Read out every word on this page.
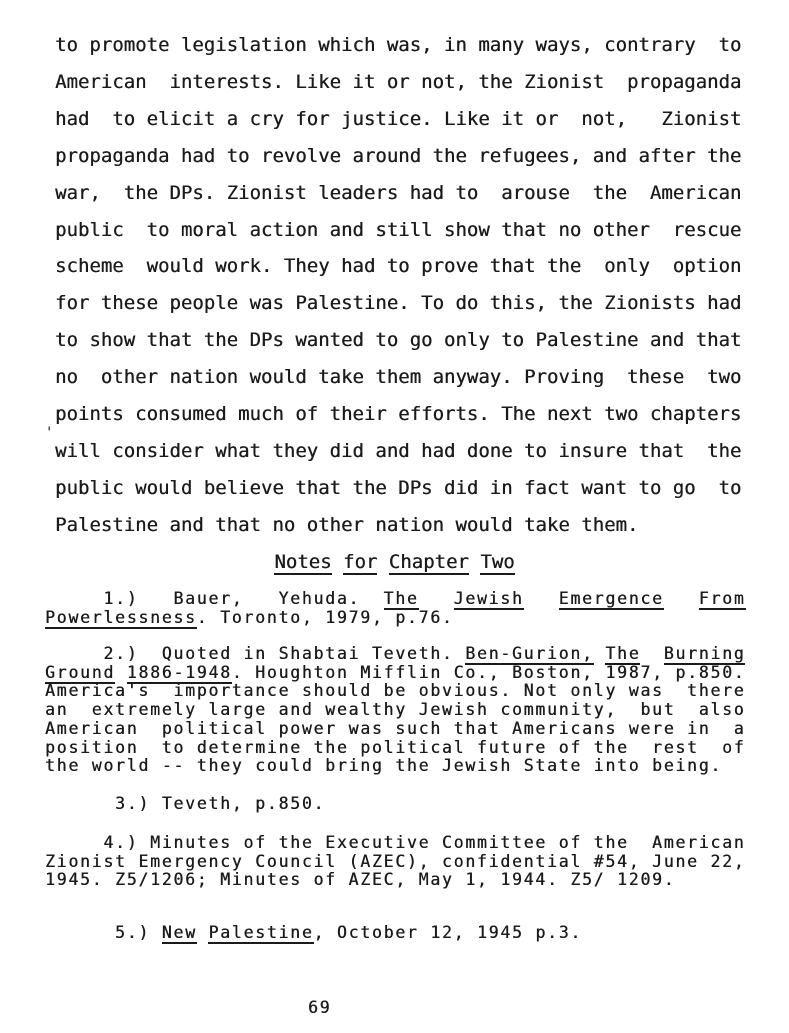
to promote legislation which was, in many ways, contrary  to
American  interests. Like it or not, the Zionist  propaganda
had  to elicit a cry for justice. Like it or  not,   Zionist
propaganda had to revolve around the refugees, and after the
war,  the DPs. Zionist leaders had to  arouse  the  American
public  to moral action and still show that no other  rescue
scheme  would work. They had to prove that the  only  option
for these people was Palestine. To do this, the Zionists had
to show that the DPs wanted to go only to Palestine and that
no  other nation would take them anyway. Proving  these  two
points consumed much of their efforts. The next two chapters
will consider what they did and had done to insure that  the
public would believe that the DPs did in fact want to go  to
Palestine and that no other nation would take them.
'
Notes for Chapter Two
1.)   Bauer,   Yehuda.  The Jewish Emergence From
Powerlessness. Toronto, 1979, p.76.
2.)  Quoted in Shabtai Teveth. Ben-Gurion, The Burning
Ground 1886-1948. Houghton Mifflin Co., Boston, 1987, p.850.
America's  importance should be obvious. Not only was  there
an  extremely large and wealthy Jewish community,  but  also
American  political power was such that Americans were in  a
position  to determine the political future of the  rest  of
the world -- they could bring the Jewish State into being.
3.) Teveth, p.850.
4.) Minutes of the Executive Committee of the  American
Zionist Emergency Council (AZEC), confidential #54, June 22,
1945. Z5/1206; Minutes of AZEC, May 1, 1944. Z5/ 1209.
5.) New Palestine, October 12, 1945 p.3.
69
